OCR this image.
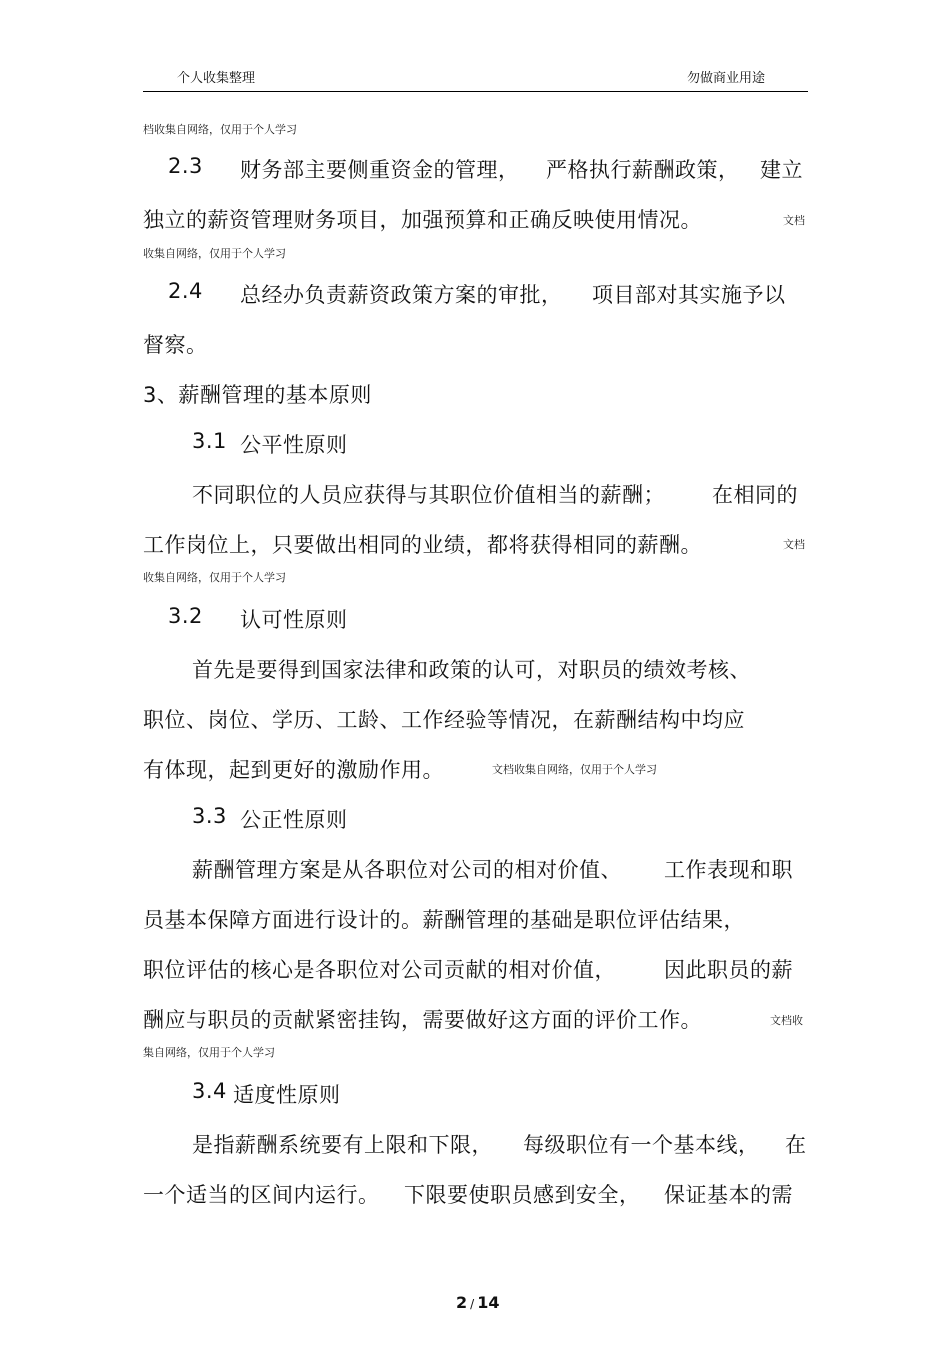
个人收集整理	勿做商业用途
档收集自网络，仅用于个人学习
2.3 财务部主要侧重资金的管理， 严格执行薪酬政策， 建立
独立的薪资管理财务项目，加强预算和正确反映使用情况。	文档
收集自网络，仅用于个人学习
2.4 总经办负责薪资政策方案的审批， 项目部对其实施予以
督察。
3、薪酬管理的基本原则
3.1 公平性原则
不同职位的人员应获得与其职位价值相当的薪酬； 在相同的
工作岗位上，只要做出相同的业绩，都将获得相同的薪酬。	文档
收集自网络，仅用于个人学习
3.2 认可性原则
首先是要得到国家法律和政策的认可，对职员的绩效考核、
职位、岗位、学历、工龄、工作经验等情况，在薪酬结构中均应
有体现，起到更好的激励作用。	文档收集自网络，仅用于个人学习
3.3 公正性原则
薪酬管理方案是从各职位对公司的相对价值、 工作表现和职
员基本保障方面进行设计的。薪酬管理的基础是职位评估结果，
职位评估的核心是各职位对公司贡献的相对价值， 因此职员的薪
酬应与职员的贡献紧密挂钩，需要做好这方面的评价工作。	文档收
集自网络，仅用于个人学习
3.4 适度性原则
是指薪酬系统要有上限和下限， 每级职位有一个基本线， 在
一个适当的区间内运行。 下限要使职员感到安全， 保证基本的需
2 / 14
